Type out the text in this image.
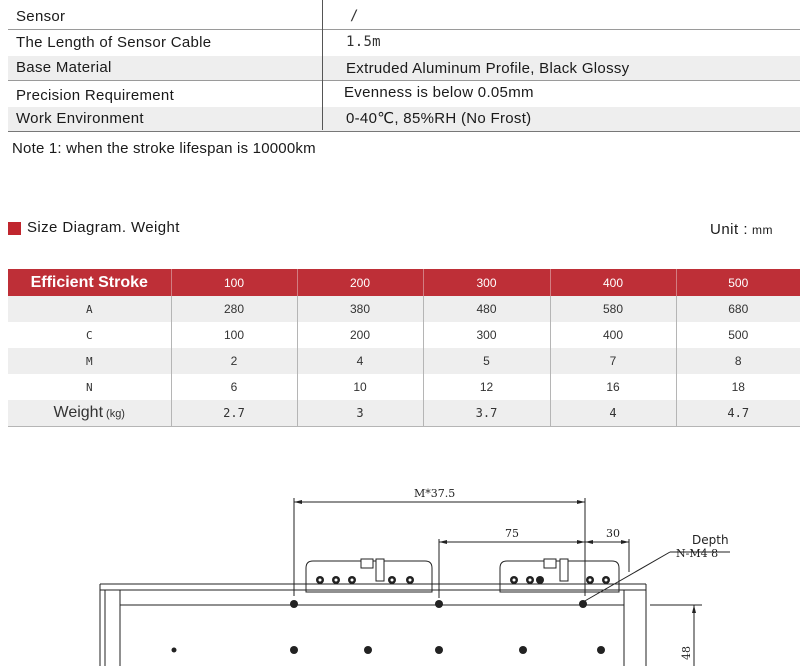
Sensor	/
The Length of Sensor Cable	1.5m
Base Material	Extruded Aluminum Profile, Black Glossy
Precision Requirement	Evenness is below 0.05mm
Work Environment	0-40℃, 85%RH (No Frost)
Note 1: when the stroke lifespan is 10000km
Size Diagram. Weight	Unit : mm
Efficient Stroke	100	200	300	400	500
A	280	380	480	580	680
C	100	200	300	400	500
M	2	4	5	7	8
N	6	10	12	16	18
Weight (kg)	2.7	3	3.7	4	4.7
M*37.5
75	30	Depth
N-M4 8
48
